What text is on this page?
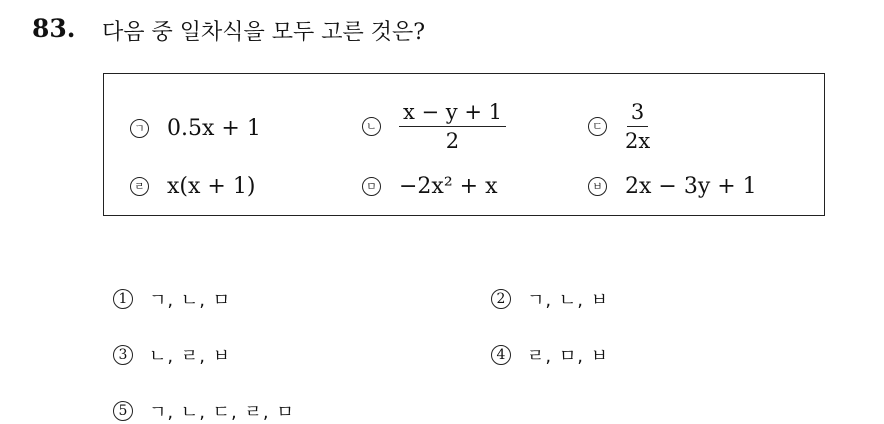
83. 다음 중 일차식을 모두 고른 것은?
ㄱ 0.5x + 1	ㄴ $\frac{x - y + 1}{2}$	ㄷ $\frac{3}{2x}$
ㄹ x(x + 1)	ㅁ −2x² + x	ㅂ 2x − 3y + 1
1	ㄱ, ㄴ, ㅁ	2	ㄱ, ㄴ, ㅂ
3	ㄴ, ㄹ, ㅂ	4	ㄹ, ㅁ, ㅂ
5	ㄱ, ㄴ, ㄷ, ㄹ, ㅁ
